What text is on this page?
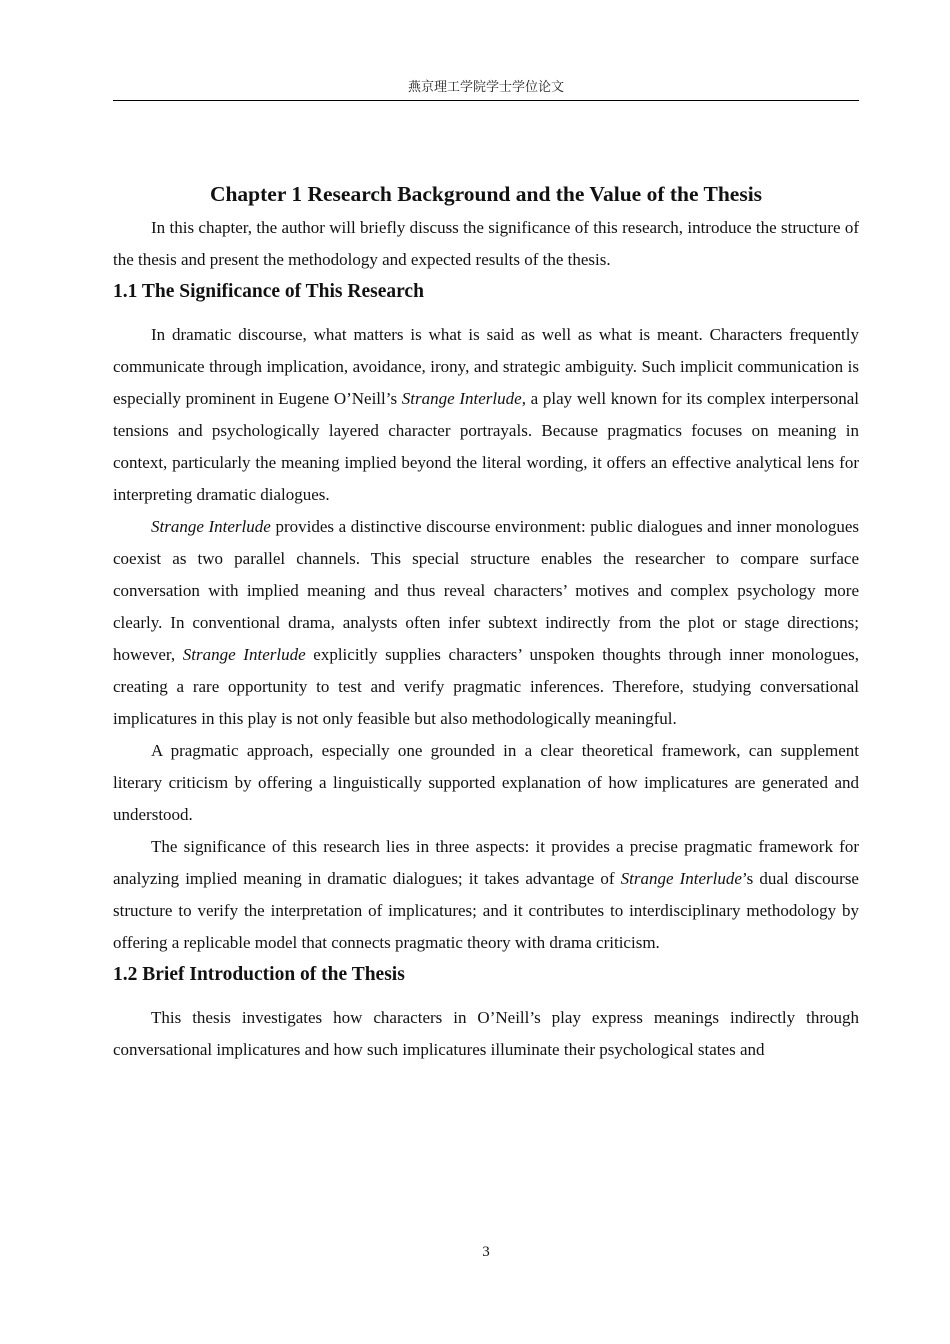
燕京理工学院学士学位论文
Chapter 1 Research Background and the Value of the Thesis

In this chapter, the author will briefly discuss the significance of this research, introduce the structure of the thesis and present the methodology and expected results of the thesis.

1.1 The Significance of This Research

In dramatic discourse, what matters is what is said as well as what is meant. Characters frequently communicate through implication, avoidance, irony, and strategic ambiguity. Such implicit communication is especially prominent in Eugene O’Neill’s Strange Interlude, a play well known for its complex interpersonal tensions and psychologically layered character portrayals. Because pragmatics focuses on meaning in context, particularly the meaning implied beyond the literal wording, it offers an effective analytical lens for interpreting dramatic dialogues.

Strange Interlude provides a distinctive discourse environment: public dialogues and inner monologues coexist as two parallel channels. This special structure enables the researcher to compare surface conversation with implied meaning and thus reveal characters’ motives and complex psychology more clearly. In conventional drama, analysts often infer subtext indirectly from the plot or stage directions; however, Strange Interlude explicitly supplies characters’ unspoken thoughts through inner monologues, creating a rare opportunity to test and verify pragmatic inferences. Therefore, studying conversational implicatures in this play is not only feasible but also methodologically meaningful.

A pragmatic approach, especially one grounded in a clear theoretical framework, can supplement literary criticism by offering a linguistically supported explanation of how implicatures are generated and understood.

The significance of this research lies in three aspects: it provides a precise pragmatic framework for analyzing implied meaning in dramatic dialogues; it takes advantage of Strange Interlude’s dual discourse structure to verify the interpretation of implicatures; and it contributes to interdisciplinary methodology by offering a replicable model that connects pragmatic theory with drama criticism.

1.2 Brief Introduction of the Thesis

This thesis investigates how characters in O’Neill’s play express meanings indirectly through conversational implicatures and how such implicatures illuminate their psychological states and

3
